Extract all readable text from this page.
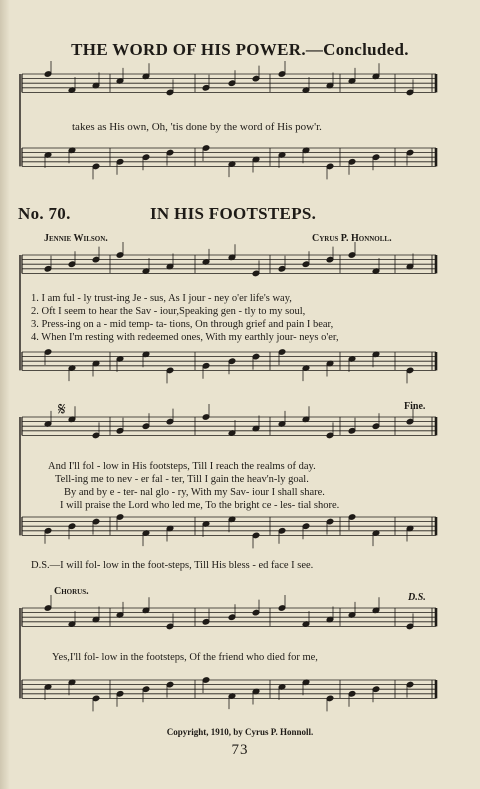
THE WORD OF HIS POWER.—Concluded.
takes as His own, Oh, 'tis done by the word of His pow'r.
No. 70.	IN HIS FOOTSTEPS.
Jennie Wilson.	Cyrus P. Honnoll.
1. I am ful - ly trust-ing Je - sus, As I jour - ney o'er life's way,
2. Oft I seem to hear the Sav - iour,Speaking gen - tly to my soul,
3. Press-ing on a - mid temp- ta- tions, On through grief and pain I bear,
4. When I'm resting with redeemed ones, With my earthly jour- neys o'er,
𝄋	Fine.
And I'll fol - low in His footsteps, Till I reach the realms of day.
Tell-ing me to nev - er fal - ter, Till I gain the heav'n-ly goal.
By and by e - ter- nal glo - ry, With my Sav- iour I shall share.
I will praise the Lord who led me, To the bright ce - les- tial shore.
D.S.—I will fol- low in the foot-steps, Till His bless - ed face I see.
Chorus.
D.S.
Yes,I'll fol- low in the footsteps, Of the friend who died for me,
Copyright, 1910, by Cyrus P. Honnoll.
73
